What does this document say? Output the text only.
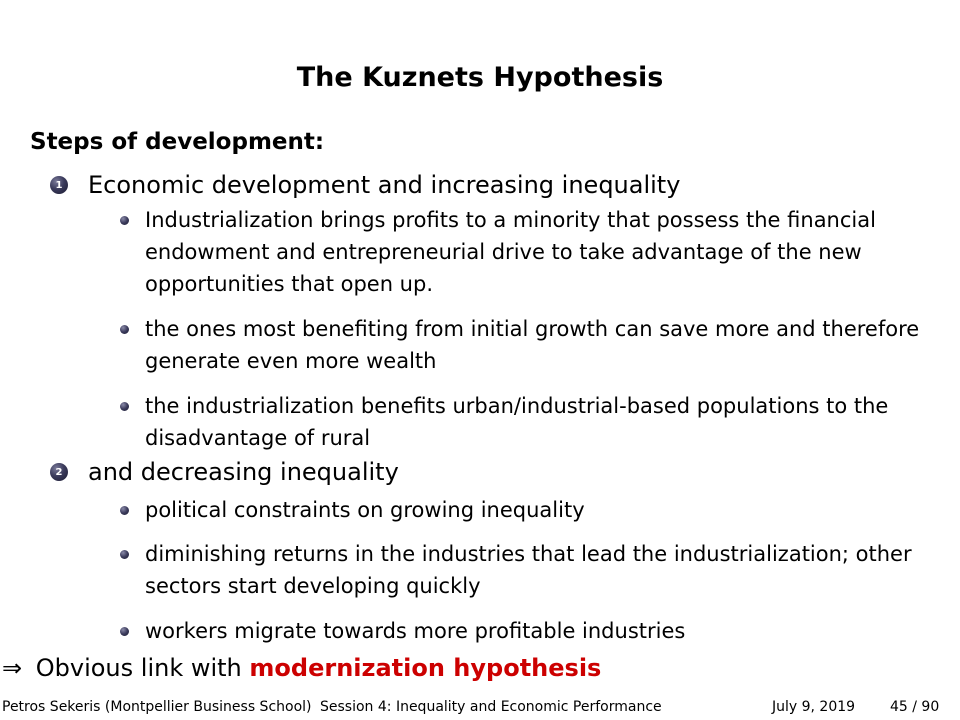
The Kuznets Hypothesis
Steps of development:
1 Economic development and increasing inequality
Industrialization brings profits to a minority that possess the financial endowment and entrepreneurial drive to take advantage of the new opportunities that open up.
the ones most benefiting from initial growth can save more and therefore generate even more wealth
the industrialization benefits urban/industrial-based populations to the disadvantage of rural
2 and decreasing inequality
political constraints on growing inequality
diminishing returns in the industries that lead the industrialization; other sectors start developing quickly
workers migrate towards more profitable industries
⇒ Obvious link with modernization hypothesis
Petros Sekeris (Montpellier Business School) Session 4: Inequality and Economic Performance	July 9, 2019 45 / 90
